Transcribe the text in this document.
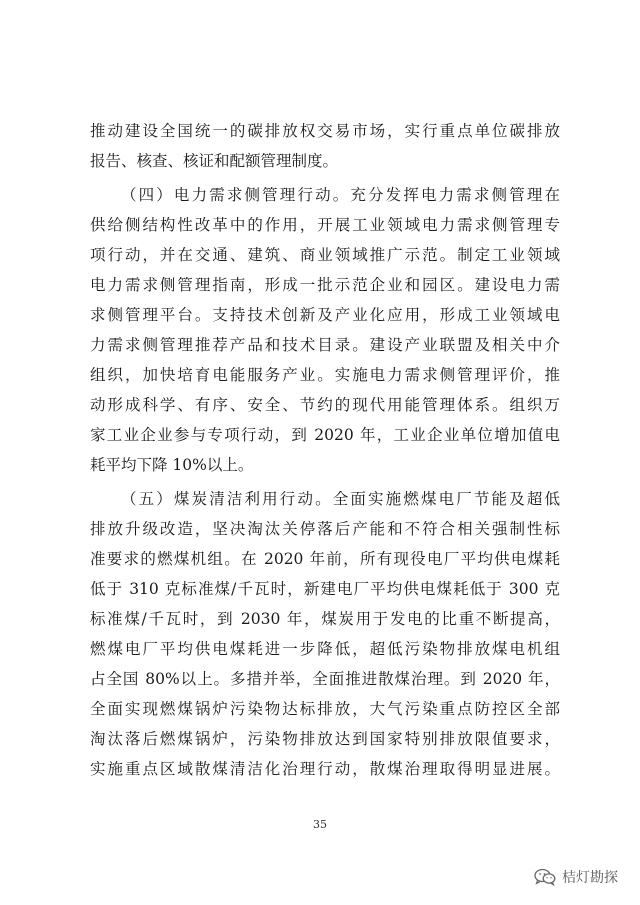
推动建设全国统一的碳排放权交易市场，实行重点单位碳排放
报告、核查、核证和配额管理制度。
（四）电力需求侧管理行动。充分发挥电力需求侧管理在
供给侧结构性改革中的作用，开展工业领域电力需求侧管理专
项行动，并在交通、建筑、商业领域推广示范。制定工业领域
电力需求侧管理指南，形成一批示范企业和园区。建设电力需
求侧管理平台。支持技术创新及产业化应用，形成工业领域电
力需求侧管理推荐产品和技术目录。建设产业联盟及相关中介
组织，加快培育电能服务产业。实施电力需求侧管理评价，推
动形成科学、有序、安全、节约的现代用能管理体系。组织万
家工业企业参与专项行动，到 2020 年，工业企业单位增加值电
耗平均下降 10%以上。
（五）煤炭清洁利用行动。全面实施燃煤电厂节能及超低
排放升级改造，坚决淘汰关停落后产能和不符合相关强制性标
准要求的燃煤机组。在 2020 年前，所有现役电厂平均供电煤耗
低于 310 克标准煤/千瓦时，新建电厂平均供电煤耗低于 300 克
标准煤/千瓦时，到 2030 年，煤炭用于发电的比重不断提高，
燃煤电厂平均供电煤耗进一步降低，超低污染物排放煤电机组
占全国 80%以上。多措并举，全面推进散煤治理。到 2020 年，
全面实现燃煤锅炉污染物达标排放，大气污染重点防控区全部
淘汰落后燃煤锅炉，污染物排放达到国家特别排放限值要求，
实施重点区域散煤清洁化治理行动，散煤治理取得明显进展。
35
桔灯勘探
